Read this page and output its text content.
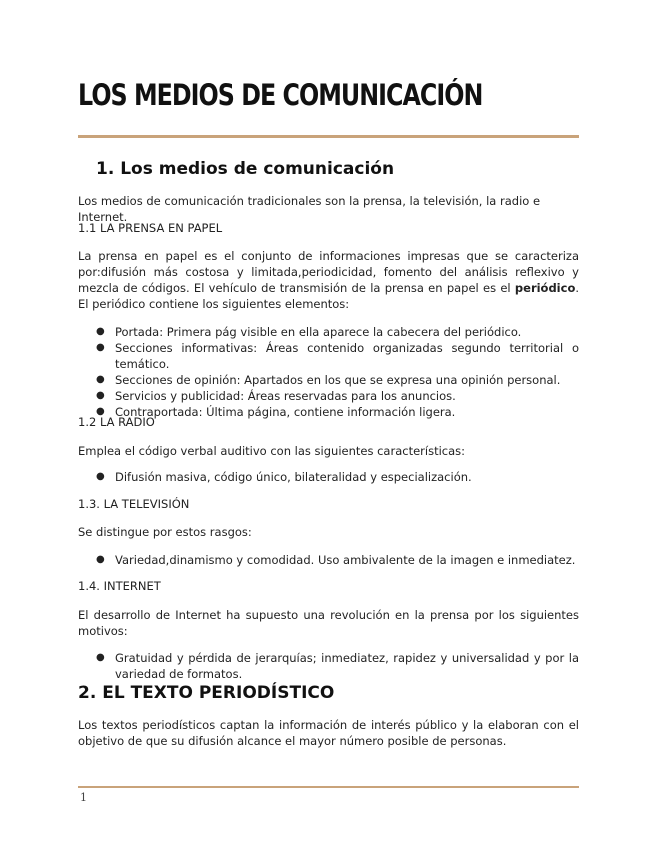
LOS MEDIOS DE COMUNICACIÓN
1. Los medios de comunicación

Los medios de comunicación tradicionales son la prensa, la televisión, la radio e Internet.

1.1 LA PRENSA EN PAPEL

La prensa en papel es el conjunto de informaciones impresas que se caracteriza por:difusión más costosa y limitada,periodicidad, fomento del análisis reflexivo y mezcla de códigos. El vehículo de transmisión de la prensa en papel es el periódico. El periódico contiene los siguientes elementos:

● Portada: Primera pág visible en ella aparece la cabecera del periódico.
● Secciones informativas: Áreas contenido organizadas segundo territorial o temático.
● Secciones de opinión: Apartados en los que se expresa una opinión personal.
● Servicios y publicidad: Áreas reservadas para los anuncios.
● Contraportada: Última página, contiene información ligera.

1.2 LA RADIO

Emplea el código verbal auditivo con las siguientes características:

● Difusión masiva, código único, bilateralidad y especialización.

1.3. LA TELEVISIÓN

Se distingue por estos rasgos:

● Variedad,dinamismo y comodidad. Uso ambivalente de la imagen e inmediatez.

1.4. INTERNET

El desarrollo de Internet ha supuesto una revolución en la prensa por los siguientes motivos:

● Gratuidad y pérdida de jerarquías; inmediatez, rapidez y universalidad y por la variedad de formatos.
2. EL TEXTO PERIODÍSTICO

Los textos periodísticos captan la información de interés público y la elaboran con el objetivo de que su difusión alcance el mayor número posible de personas.

1
